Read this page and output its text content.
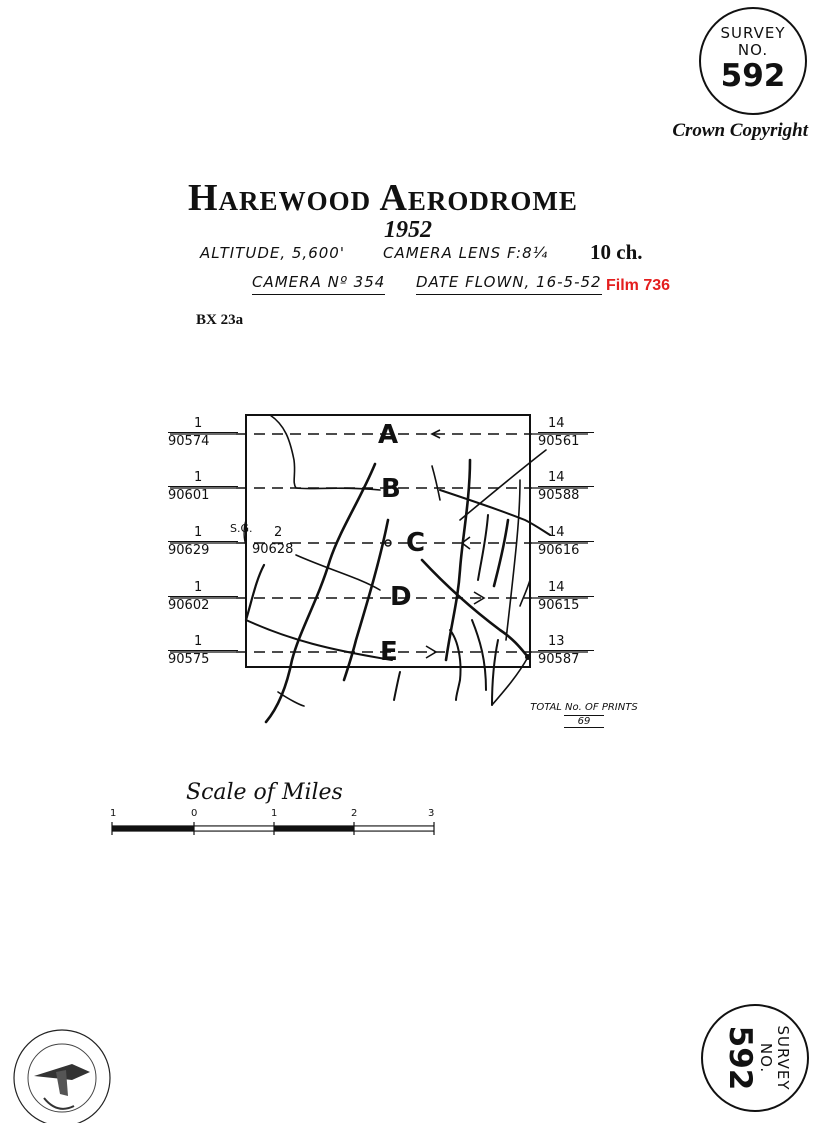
SURVEY
NO.
592
Crown Copyright
Harewood Aerodrome
1952
ALTITUDE, 5,600'	CAMERA LENS F:8¼ 10 ch.
CAMERA Nº 354 DATE FLOWN, 16-5-52 Film 736
BX 23a
1
90574
1
90601
1
90629
1
90602
1
90575
2
90628
S.G.
14
90561
14
90588
14
90616
14
90615
13
90587
A
B
C
D
E
TOTAL No. OF PRINTS
69
Scale of Miles
1	0	1	2	3
SURVEY
NO.
592
